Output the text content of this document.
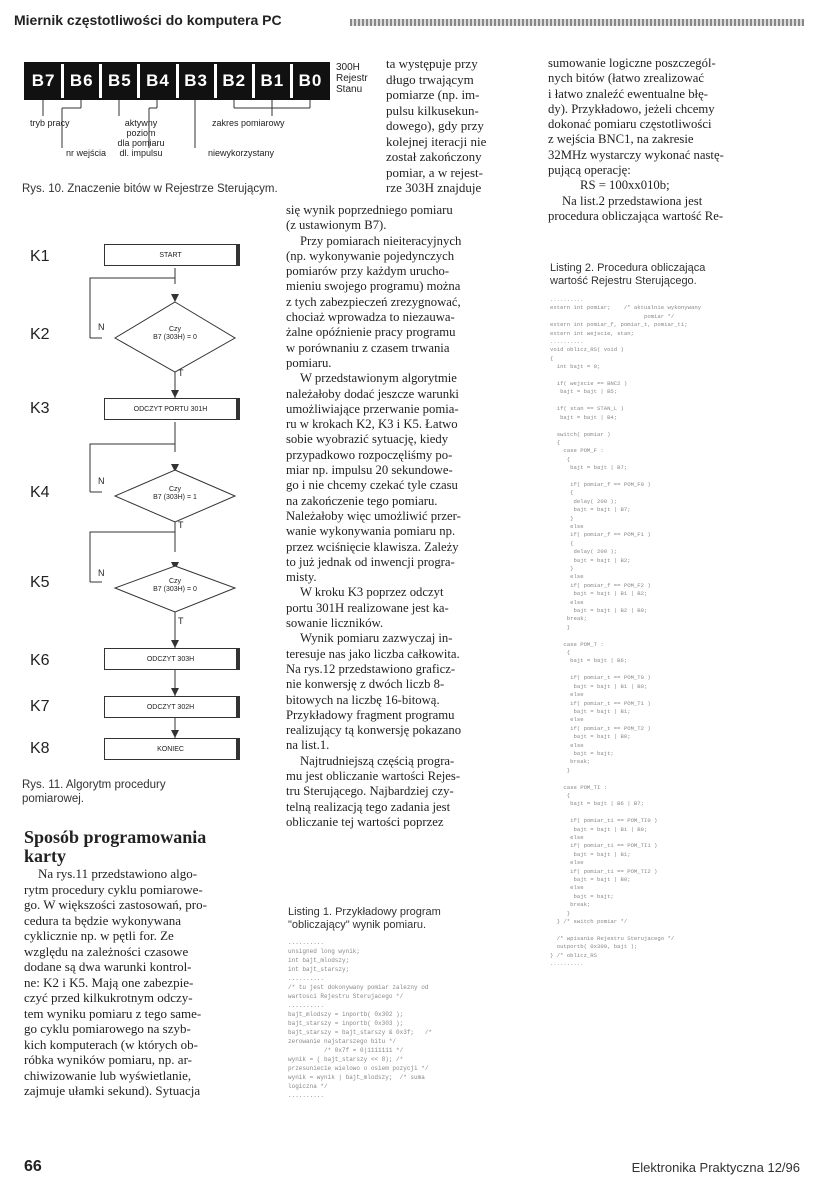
Miernik częstotliwości do komputera PC
B7 B6 B5 B4 B3 B2 B1 B0
300H
Rejestr
Stanu
tryb pracy	aktywny
poziom
dla pomiaru
dl. impulsu
zakres pomiarowy
nr wejścia	niewykorzystany
Rys. 10. Znaczenie bitów w Rejestrze Sterującym.
START
ODCZYT PORTU 301H
ODCZYT 303H
ODCZYT 302H
KONIEC
Czy
B7 (303H) = 0
Czy
B7 (303H) = 1
Czy
B7 (303H) = 0
N
N
N
T
T
T
K1
K2
K3
K4
K5
K6
K7
K8
Rys. 11. Algorytm procedury
pomiarowej.
Sposób programowania
karty

Na rys.11 przedstawiono algo-

rytm procedury cyklu pomiarowe-

go. W większości zastosowań, pro-

cedura ta będzie wykonywana

cyklicznie np. w pętli for. Ze

względu na zależności czasowe

dodane są dwa warunki kontrol-

ne: K2 i K5. Mają one zabezpie-

czyć przed kilkukrotnym odczy-

tem wyniku pomiaru z tego same-

go cyklu pomiarowego na szyb-

kich komputerach (w których ob-

róbka wyników pomiaru, np. ar-

chiwizowanie lub wyświetlanie,

zajmuje ułamki sekund). Sytuacja

ta występuje przy

długo trwającym

pomiarze (np. im-

pulsu kilkusekun-

dowego), gdy przy

kolejnej iteracji nie

został zakończony

pomiar, a w rejest-

rze 303H znajduje

się wynik poprzedniego pomiaru

(z ustawionym B7).

Przy pomiarach nieiteracyjnych

(np. wykonywanie pojedynczych

pomiarów przy każdym urucho-

mieniu swojego programu) można

z tych zabezpieczeń zrezygnować,

chociaż wprowadza to niezauwa-

żalne opóźnienie pracy programu

w porównaniu z czasem trwania

pomiaru.

W przedstawionym algorytmie

należałoby dodać jeszcze warunki

umożliwiające przerwanie pomia-

ru w krokach K2, K3 i K5. Łatwo

sobie wyobrazić sytuację, kiedy

przypadkowo rozpoczęliśmy po-

miar np. impulsu 20 sekundowe-

go i nie chcemy czekać tyle czasu

na zakończenie tego pomiaru.

Należałoby więc umożliwić przer-

wanie wykonywania pomiaru np.

przez wciśnięcie klawisza. Zależy

to już jednak od inwencji progra-

misty.

W kroku K3 poprzez odczyt

portu 301H realizowane jest ka-

sowanie liczników.

Wynik pomiaru zazwyczaj in-

teresuje nas jako liczba całkowita.

Na rys.12 przedstawiono graficz-

nie konwersję z dwóch liczb 8-

bitowych na liczbę 16-bitową.

Przykładowy fragment programu

realizujący tą konwersję pokazano

na list.1.

Najtrudniejszą częścią progra-

mu jest obliczanie wartości Rejes-

tru Sterującego. Najbardziej czy-

telną realizacją tego zadania jest

obliczanie tej wartości poprzez

Listing 1. Przykładowy program
"obliczający" wynik pomiaru.
..........
unsigned long wynik;
int bajt_mlodszy;
int bajt_starszy;
..........
/* tu jest dokonywany pomiar zalezny od
wartosci Rejestru Sterujacego */
..........
bajt_mlodszy = inportb( 0x302 );
bajt_starszy = inportb( 0x303 );
bajt_starszy = bajt_starszy & 0x3f;   /*
zerowanie najstarszego bitu */
/* 0x7f = 0|1111111 */
wynik = ( bajt_starszy << 8); /*
przesuniecie wielowo o osiem pozycji */
wynik = wynik | bajt_mlodszy;  /* suma
logiczna */
..........

sumowanie logiczne poszczegól-

nych bitów (łatwo zrealizować

i łatwo znaleźć ewentualne błę-

dy). Przykładowo, jeżeli chcemy

dokonać pomiaru częstotliwości

z wejścia BNC1, na zakresie

32MHz wystarczy wykonać nastę-

pującą operację:

RS = 100xx010b;

Na list.2 przedstawiona jest

procedura obliczająca wartość Re-

Listing 2. Procedura obliczająca
wartość Rejestru Sterującego.
..........
extern int pomiar;    /* aktualnie wykonywany
pomiar */
extern int pomiar_f, pomiar_t, pomiar_ti;
extern int wejscie, stan;
..........
void oblicz_RS( void )
{
int bajt = 0;

if( wejscie == BNC2 )
bajt = bajt | B5;

if( stan == STAN_L )
bajt = bajt | B4;

switch( pomiar )
{
case POM_F :
{
bajt = bajt | B7;

if( pomiar_f == POM_F0 )
{
delay( 200 );
bajt = bajt | B7;
}
else
if( pomiar_f == POM_F1 )
{
delay( 200 );
bajt = bajt | B2;
}
else
if( pomiar_f == POM_F2 )
bajt = bajt | B1 | B2;
else
bajt = bajt | B2 | B0;
break;
}

case POM_T :
{
bajt = bajt | B6;

if( pomiar_t == POM_T0 )
bajt = bajt | B1 | B0;
else
if( pomiar_t == POM_T1 )
bajt = bajt | B1;
else
if( pomiar_t == POM_T2 )
bajt = bajt | B0;
else
bajt = bajt;
break;
}

case POM_TI :
{
bajt = bajt | B6 | B7;

if( pomiar_ti == POM_TI0 )
bajt = bajt | B1 | B0;
else
if( pomiar_ti == POM_TI1 )
bajt = bajt | B1;
else
if( pomiar_ti == POM_TI2 )
bajt = bajt | B0;
else
bajt = bajt;
break;
}
} /* switch pomiar */

/* wpisanie Rejestru Sterujacego */
outportb( 0x300, bajt );
} /* oblicz_RS
..........
66	Elektronika Praktyczna 12/96
